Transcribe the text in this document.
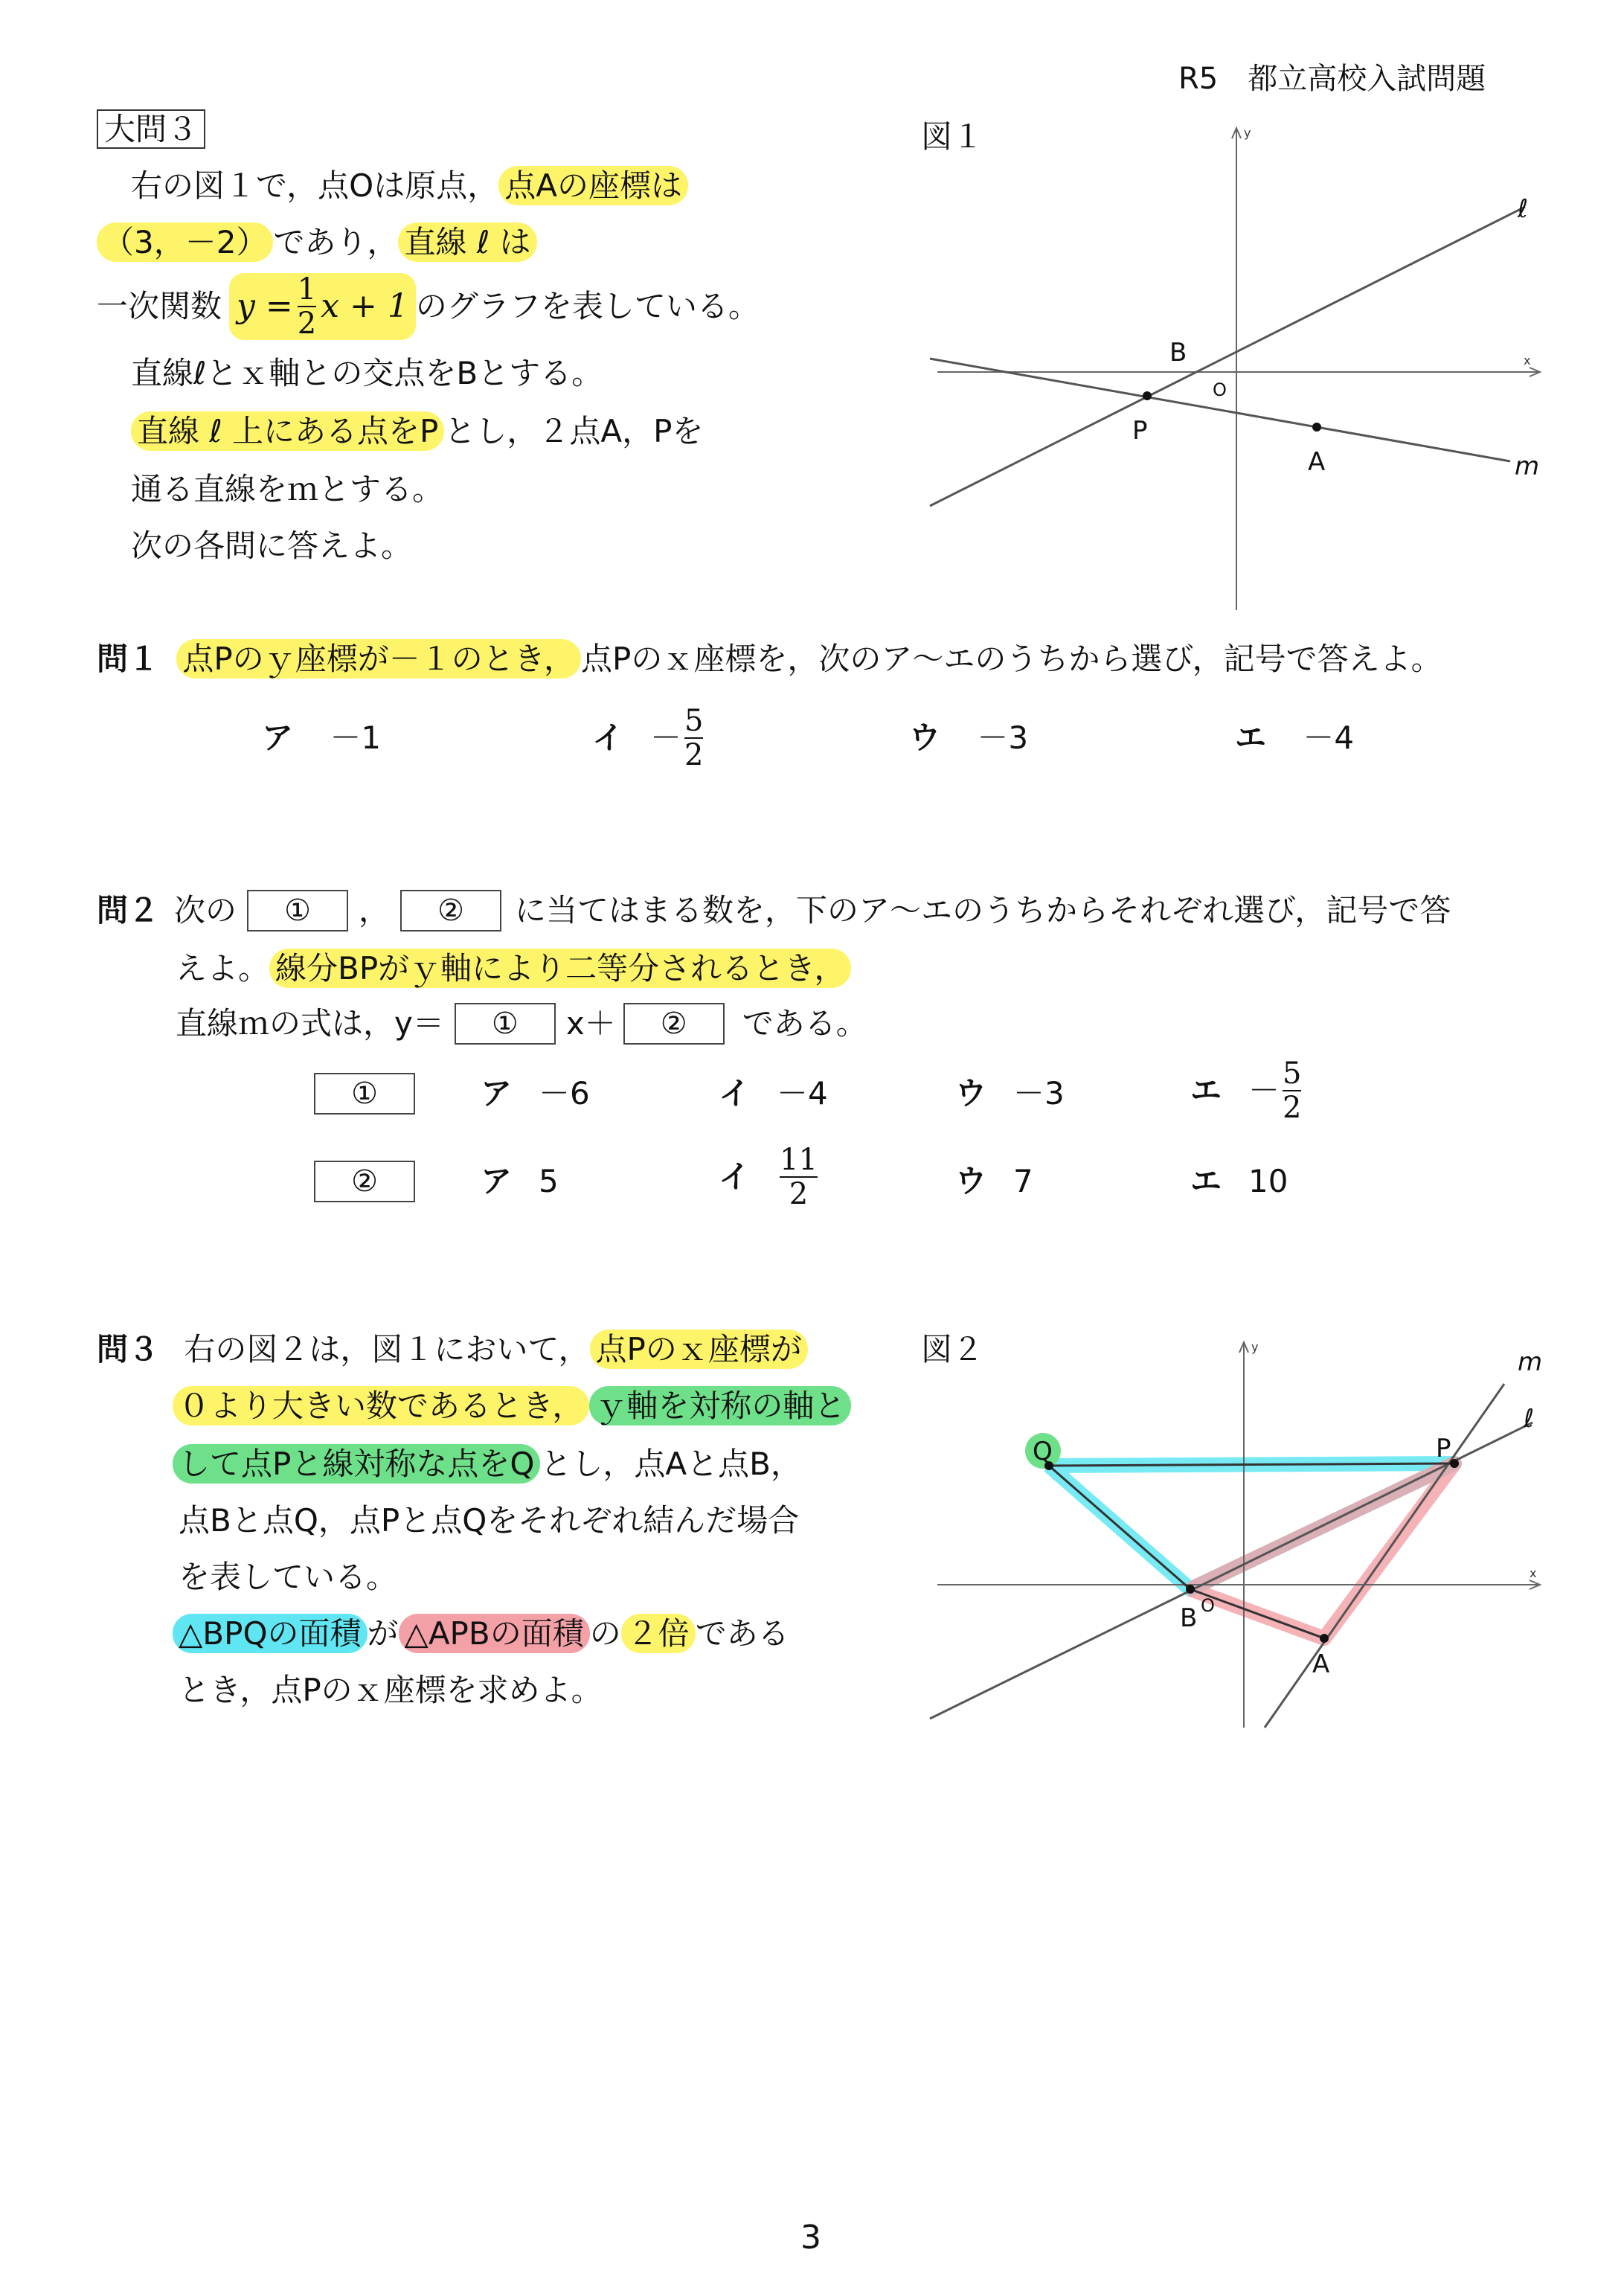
R5　都立高校入試問題
大問３
右の図１で，点Oは原点， 点Aの座標は
（3，－2） であり， 直線 ℓ は
一次関数 $y = \frac{1}{2}$ x + 1 のグラフを表している。
直線ℓとｘ軸との交点をBとする。
直線 ℓ 上にある点をP とし，２点A，Pを
通る直線をｍとする。
次の各問に答えよ。
図１
x
y
ℓ
m
B
O
P
A
問１ 点Pのｙ座標が－１のとき， 点Pのｘ座標を，次のア～エのうちから選び，記号で答えよ。
ア －1	イ － $\frac{5}{2}$	ウ －3	エ －4
問２ 次の	①	，	②	に当てはまる数を，下のア～エのうちからそれぞれ選び，記号で答
えよ。 線分BPがｙ軸により二等分されるとき，
直線ｍの式は，y＝	①	x＋	②	である。
①	ア －6	イ －4	ウ －3	エ － $\frac{5}{2}$
②	ア 5	イ $\frac{11}{2}$	ウ 7	エ 10
問３ 右の図２は，図１において， 点Pのｘ座標が
０より大きい数であるとき， ｙ軸を対称の軸と
して点Pと線対称な点をQ とし，点Aと点B，
点Bと点Q，点Pと点Qをそれぞれ結んだ場合
を表している。
△BPQの面積 が △APBの面積 の ２倍 である
とき，点Pのｘ座標を求めよ。
図２
x
y
ℓ
m
Q	P
O
B
A
3
